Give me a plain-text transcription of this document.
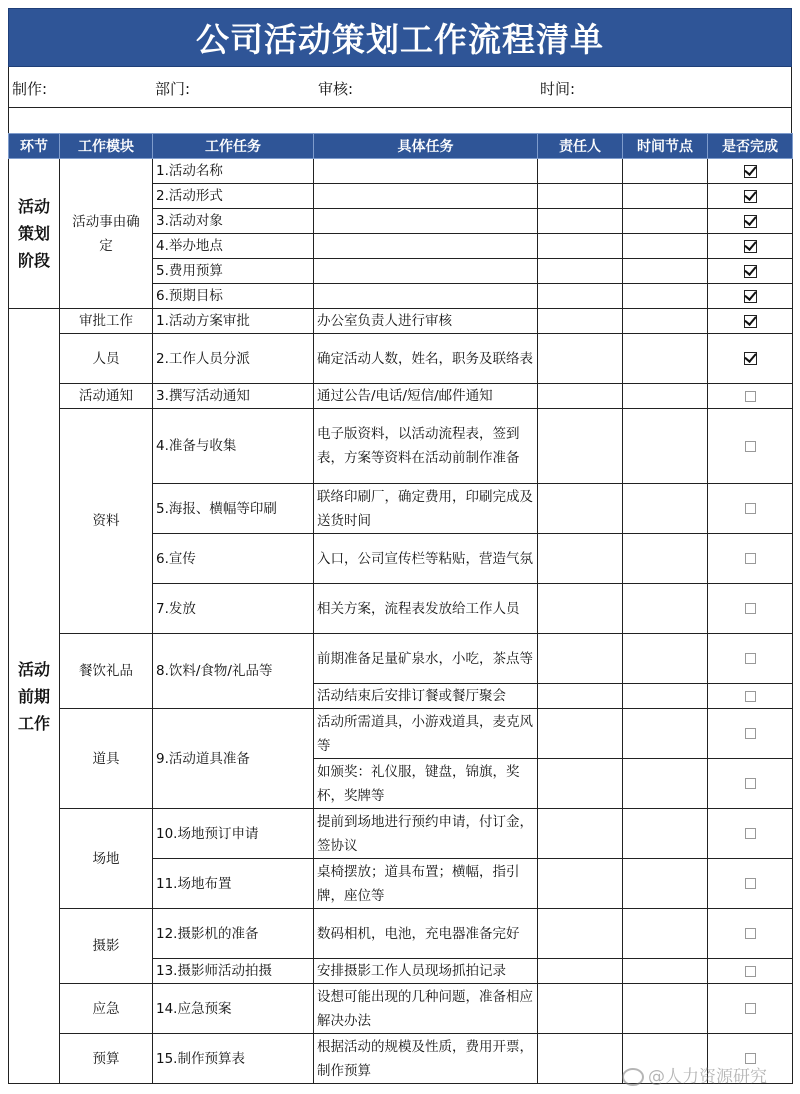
公司活动策划工作流程清单
制作:	部门:	审核:	时间:
环节	工作模块	工作任务	具体任务	责任人	时间节点	是否完成
活动策划阶段	活动事由确定	1.活动名称				
		2.活动形式				
		3.活动对象				
		4.举办地点				
		5.费用预算				
		6.预期目标				
活动前期工作	审批工作	1.活动方案审批	办公室负责人进行审核			
	人员	2.工作人员分派	确定活动人数，姓名，职务及联络表			
	活动通知	3.撰写活动通知	通过公告/电话/短信/邮件通知			
	资料	4.准备与收集	电子版资料，以活动流程表，签到表，方案等资料在活动前制作准备			
		5.海报、横幅等印刷	联络印刷厂，确定费用，印刷完成及送货时间			
		6.宣传	入口，公司宣传栏等粘贴，营造气氛			
		7.发放	相关方案，流程表发放给工作人员			
	餐饮礼品	8.饮料/食物/礼品等	前期准备足量矿泉水，小吃，茶点等			
			活动结束后安排订餐或餐厅聚会			
	道具	9.活动道具准备	活动所需道具，小游戏道具，麦克风等			
			如颁奖：礼仪服，键盘，锦旗，奖杯，奖牌等			
	场地	10.场地预订申请	提前到场地进行预约申请，付订金，签协议			
		11.场地布置	桌椅摆放；道具布置；横幅，指引牌，座位等			
	摄影	12.摄影机的准备	数码相机，电池，充电器准备完好			
		13.摄影师活动拍摄	安排摄影工作人员现场抓拍记录			
	应急	14.应急预案	设想可能出现的几种问题，准备相应解决办法			
	预算	15.制作预算表	根据活动的规模及性质，费用开票，制作预算				@人力资源研究
